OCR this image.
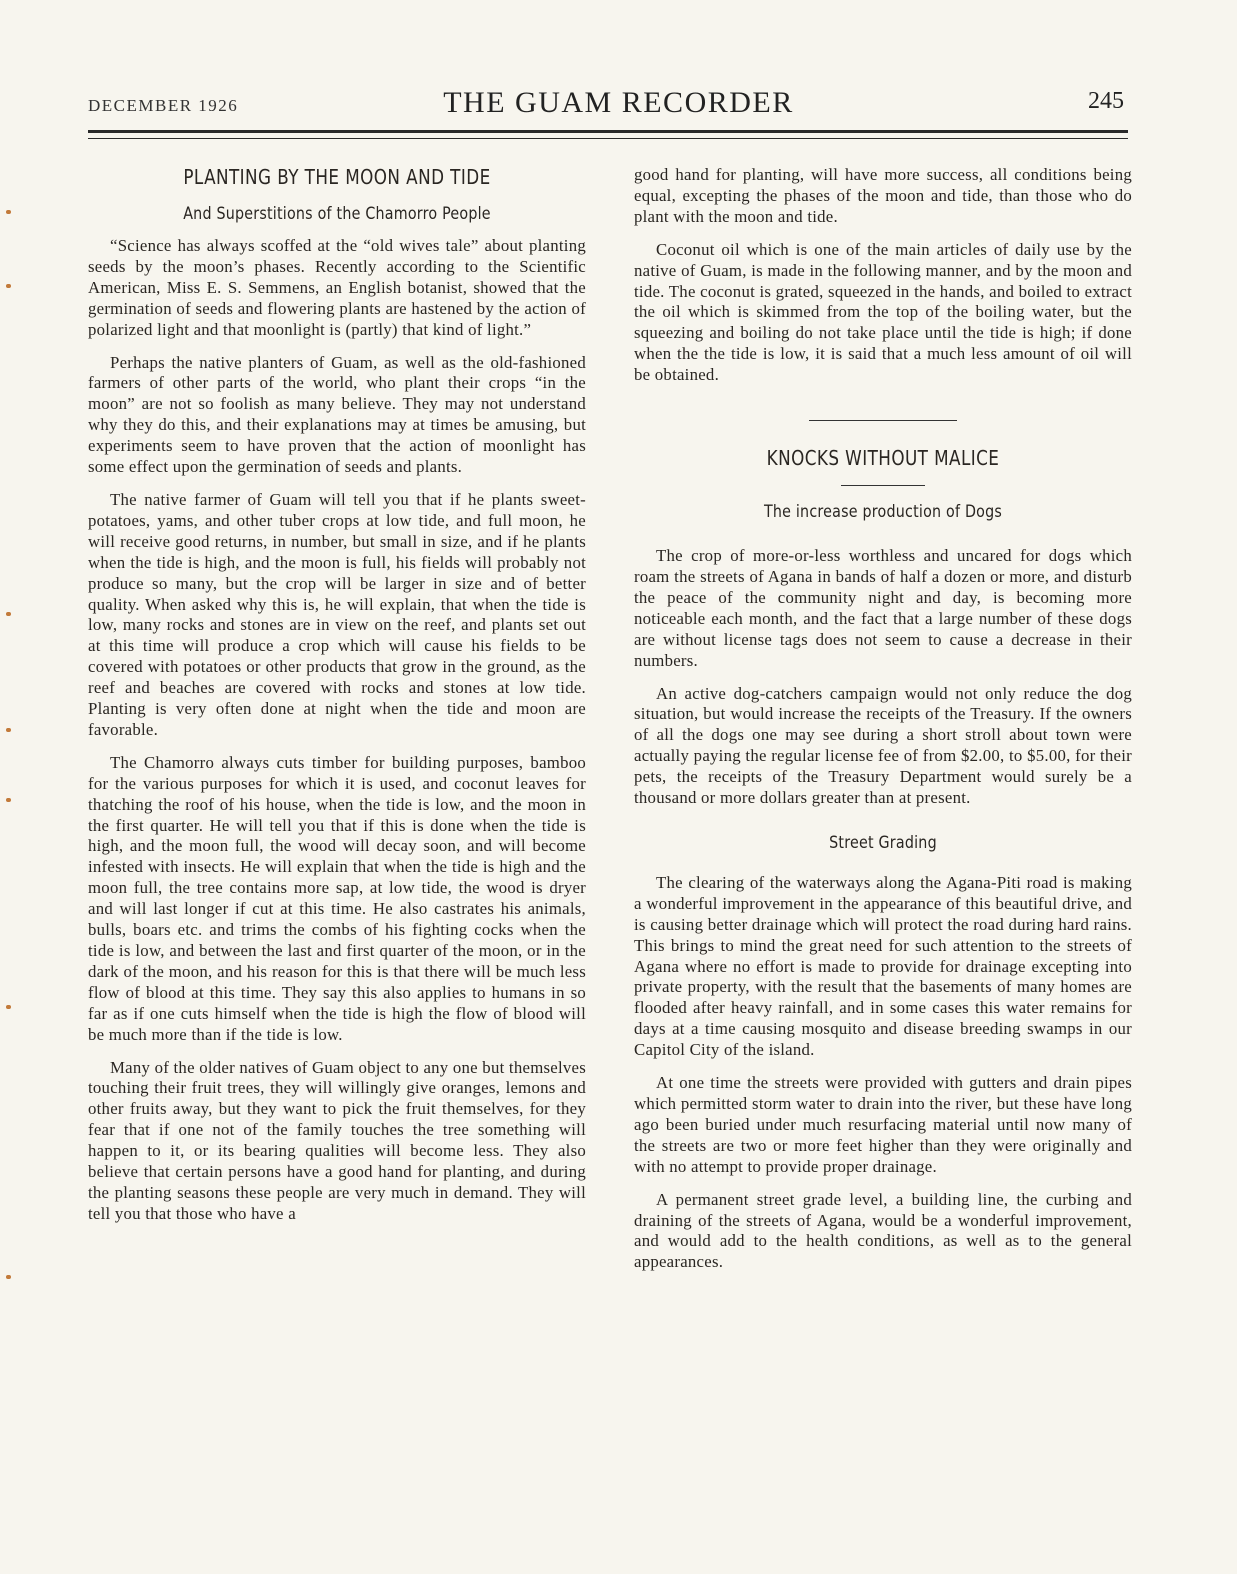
DECEMBER 1926	THE GUAM RECORDER	245
PLANTING BY THE MOON AND TIDE
And Superstitions of the Chamorro People

“Science has always scoffed at the “old wives tale” about planting seeds by the moon’s phases. Recently according to the Scientific American, Miss E. S. Semmens, an English botanist, showed that the germination of seeds and flowering plants are hastened by the action of polarized light and that moonlight is (partly) that kind of light.”

Perhaps the native planters of Guam, as well as the old-fashioned farmers of other parts of the world, who plant their crops “in the moon” are not so foolish as many believe. They may not understand why they do this, and their explanations may at times be amusing, but experiments seem to have proven that the action of moonlight has some effect upon the germination of seeds and plants.

The native farmer of Guam will tell you that if he plants sweet-potatoes, yams, and other tuber crops at low tide, and full moon, he will receive good returns, in number, but small in size, and if he plants when the tide is high, and the moon is full, his fields will probably not produce so many, but the crop will be larger in size and of better quality. When asked why this is, he will explain, that when the tide is low, many rocks and stones are in view on the reef, and plants set out at this time will produce a crop which will cause his fields to be covered with potatoes or other products that grow in the ground, as the reef and beaches are covered with rocks and stones at low tide. Planting is very often done at night when the tide and moon are favorable.

The Chamorro always cuts timber for building purposes, bamboo for the various purposes for which it is used, and coconut leaves for thatching the roof of his house, when the tide is low, and the moon in the first quarter. He will tell you that if this is done when the tide is high, and the moon full, the wood will decay soon, and will become infested with insects. He will explain that when the tide is high and the moon full, the tree contains more sap, at low tide, the wood is dryer and will last longer if cut at this time. He also castrates his animals, bulls, boars etc. and trims the combs of his fighting cocks when the tide is low, and between the last and first quarter of the moon, or in the dark of the moon, and his reason for this is that there will be much less flow of blood at this time. They say this also applies to humans in so far as if one cuts himself when the tide is high the flow of blood will be much more than if the tide is low.

Many of the older natives of Guam object to any one but themselves touching their fruit trees, they will willingly give oranges, lemons and other fruits away, but they want to pick the fruit themselves, for they fear that if one not of the family touches the tree something will happen to it, or its bearing qualities will become less. They also believe that certain persons have a good hand for planting, and during the planting seasons these people are very much in demand. They will tell you that those who have a

good hand for planting, will have more success, all conditions being equal, excepting the phases of the moon and tide, than those who do plant with the moon and tide.

Coconut oil which is one of the main articles of daily use by the native of Guam, is made in the following manner, and by the moon and tide. The coconut is grated, squeezed in the hands, and boiled to extract the oil which is skimmed from the top of the boiling water, but the squeezing and boiling do not take place until the tide is high; if done when the the tide is low, it is said that a much less amount of oil will be obtained.

KNOCKS WITHOUT MALICE
The increase production of Dogs

The crop of more-or-less worthless and uncared for dogs which roam the streets of Agana in bands of half a dozen or more, and disturb the peace of the community night and day, is becoming more noticeable each month, and the fact that a large number of these dogs are without license tags does not seem to cause a decrease in their numbers.

An active dog-catchers campaign would not only reduce the dog situation, but would increase the receipts of the Treasury. If the owners of all the dogs one may see during a short stroll about town were actually paying the regular license fee of from $2.00, to $5.00, for their pets, the receipts of the Treasury Department would surely be a thousand or more dollars greater than at present.

Street Grading

The clearing of the waterways along the Agana-Piti road is making a wonderful improvement in the appearance of this beautiful drive, and is causing better drainage which will protect the road during hard rains. This brings to mind the great need for such attention to the streets of Agana where no effort is made to provide for drainage excepting into private property, with the result that the basements of many homes are flooded after heavy rainfall, and in some cases this water remains for days at a time causing mosquito and disease breeding swamps in our Capitol City of the island.

At one time the streets were provided with gutters and drain pipes which permitted storm water to drain into the river, but these have long ago been buried under much resurfacing material until now many of the streets are two or more feet higher than they were originally and with no attempt to provide proper drainage.

A permanent street grade level, a building line, the curbing and draining of the streets of Agana, would be a wonderful improvement, and would add to the health conditions, as well as to the general appearances.
